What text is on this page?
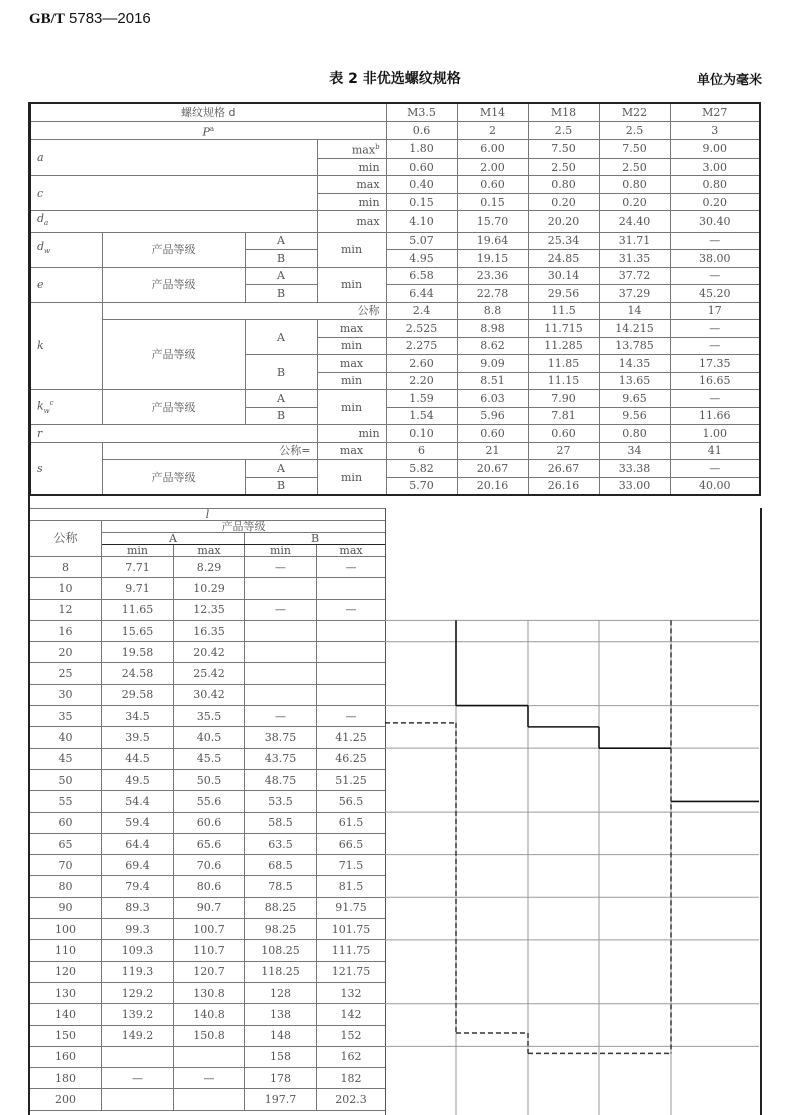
GB/T 5783—2016
表 2 非优选螺纹规格	单位为毫米
螺纹规格 d				M3.5	M14	M18	M22	M27
$P^a$				0.6	2	2.5	2.5	3
a			$\max^b$	1.80	6.00	7.50	7.50	9.00
			min	0.60	2.00	2.50	2.50	3.00
c			max	0.40	0.60	0.80	0.80	0.80
			min	0.15	0.15	0.20	0.20	0.20
$d_a$			max	4.10	15.70	20.20	24.40	30.40
$d_w$	产品等级	A	min	5.07	19.64	25.34	31.71	—
		B		4.95	19.15	24.85	31.35	38.00
e	产品等级	A	min	6.58	23.36	30.14	37.72	—
		B		6.44	22.78	29.56	37.29	45.20
k	公称			2.4	8.8	11.5	14	17
	产品等级	A	max	2.525	8.98	11.715	14.215	—
			min	2.275	8.62	11.285	13.785	—
		B	max	2.60	9.09	11.85	14.35	17.35
			min	2.20	8.51	11.15	13.65	16.65
$k_w^c$	产品等级	A	min	1.59	6.03	7.90	9.65	—
		B		1.54	5.96	7.81	9.56	11.66
r			min	0.10	0.60	0.60	0.80	1.00
s	公称=		max	6	21	27	34	41
	产品等级	A	min	5.82	20.67	26.67	33.38	—
		B		5.70	20.16	26.16	33.00	40.00
l				
公称	产品等级			
	A		B	
	min	max	min	max
8	7.71	8.29	—	—
10	9.71	10.29		
12	11.65	12.35	—	—
16	15.65	16.35		
20	19.58	20.42		
25	24.58	25.42		
30	29.58	30.42		
35	34.5	35.5	—	—
40	39.5	40.5	38.75	41.25
45	44.5	45.5	43.75	46.25
50	49.5	50.5	48.75	51.25
55	54.4	55.6	53.5	56.5
60	59.4	60.6	58.5	61.5
65	64.4	65.6	63.5	66.5
70	69.4	70.6	68.5	71.5
80	79.4	80.6	78.5	81.5
90	89.3	90.7	88.25	91.75
100	99.3	100.7	98.25	101.75
110	109.3	110.7	108.25	111.75
120	119.3	120.7	118.25	121.75
130	129.2	130.8	128	132
140	139.2	140.8	138	142
150	149.2	150.8	148	152
160			158	162
180	—	—	178	182
200			197.7	202.3
